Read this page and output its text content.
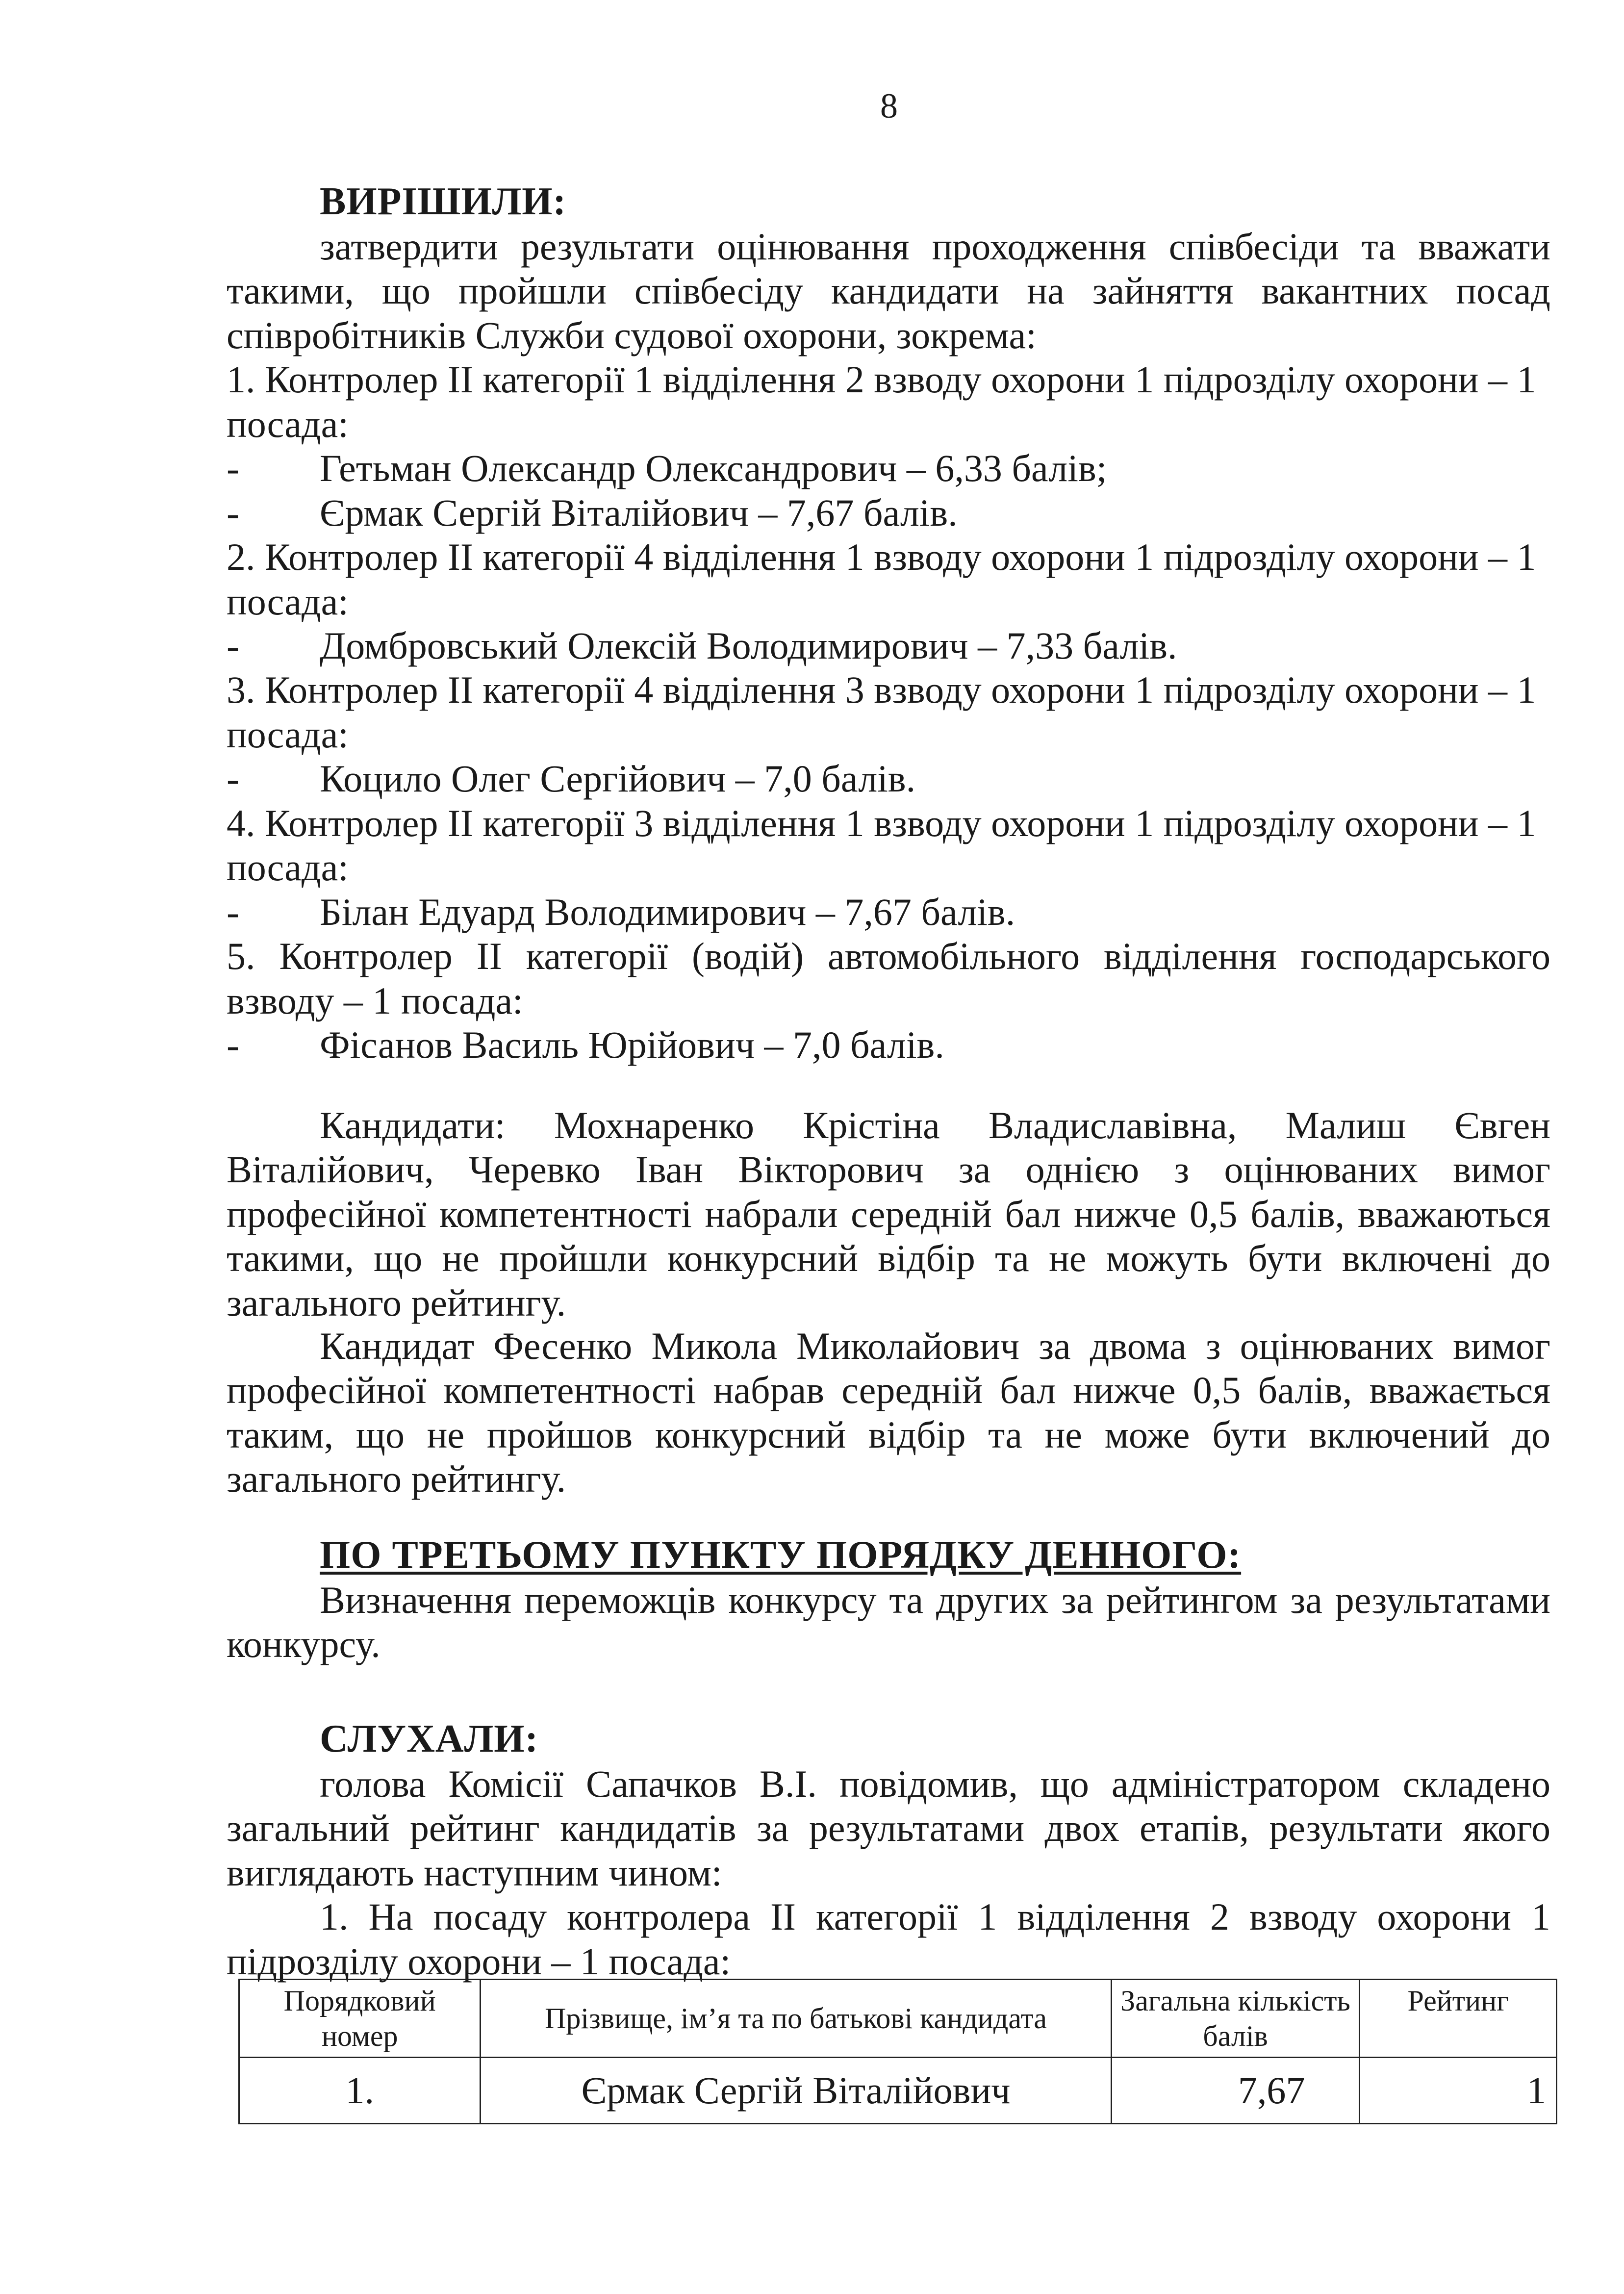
8

ВИРІШИЛИ:

затвердити результати оцінювання проходження співбесіди та вважати такими, що пройшли співбесіду кандидати на зайняття вакантних посад співробітників Служби судової охорони, зокрема:

1. Контролер ІІ категорії 1 відділення 2 взводу охорони 1 підрозділу охорони – 1 посада:

- Гетьман Олександр Олександрович – 6,33 балів;

- Єрмак Сергій Віталійович – 7,67 балів.

2. Контролер ІІ категорії 4 відділення 1 взводу охорони 1 підрозділу охорони – 1 посада:

- Домбровський Олексій Володимирович – 7,33 балів.

3. Контролер ІІ категорії 4 відділення 3 взводу охорони 1 підрозділу охорони – 1 посада:

- Коцило Олег Сергійович – 7,0 балів.

4. Контролер ІІ категорії 3 відділення 1 взводу охорони 1 підрозділу охорони – 1 посада:

- Білан Едуард Володимирович – 7,67 балів.

5. Контролер ІІ категорії (водій) автомобільного відділення господарського взводу – 1 посада:

- Фісанов Василь Юрійович – 7,0 балів.

Кандидати: Мохнаренко Крістіна Владиславівна, Малиш Євген Віталійович, Черевко Іван Вікторович за однією з оцінюваних вимог професійної компетентності набрали середній бал нижче 0,5 балів, вважаються такими, що не пройшли конкурсний відбір та не можуть бути включені до загального рейтингу.

Кандидат Фесенко Микола Миколайович за двома з оцінюваних вимог професійної компетентності набрав середній бал нижче 0,5 балів, вважається таким, що не пройшов конкурсний відбір та не може бути включений до загального рейтингу.

ПО ТРЕТЬОМУ ПУНКТУ ПОРЯДКУ ДЕННОГО:

Визначення переможців конкурсу та других за рейтингом за результатами конкурсу.

СЛУХАЛИ:

голова Комісії Сапачков В.І. повідомив, що адміністратором складено загальний рейтинг кандидатів за результатами двох етапів, результати якого виглядають наступним чином:

1. На посаду контролера ІІ категорії 1 відділення 2 взводу охорони 1 підрозділу охорони – 1 посада:

Порядковий номер	Прізвище, ім’я та по батькові кандидата	Загальна кількість балів	Рейтинг
1.	Єрмак Сергій Віталійович	7,67	1
